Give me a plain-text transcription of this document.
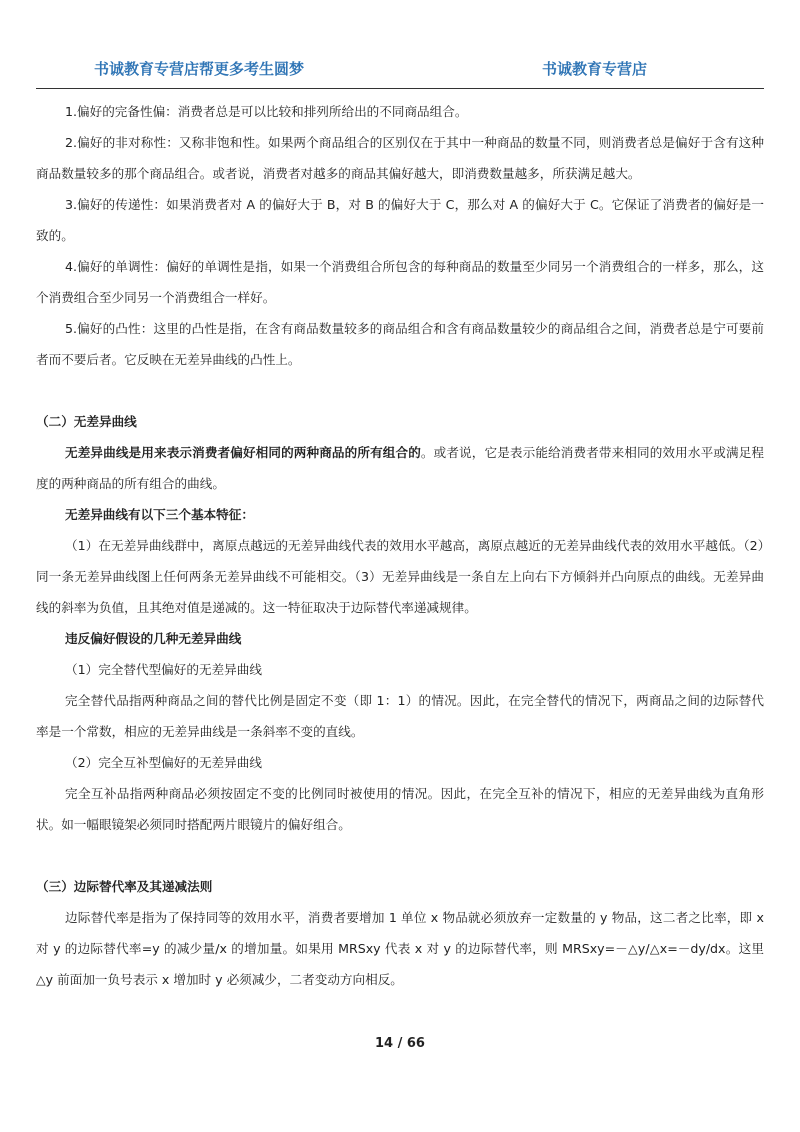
书诚教育专营店帮更多考生圆梦	书诚教育专营店

1.偏好的完备性偏：消费者总是可以比较和排列所给出的不同商品组合。

2.偏好的非对称性：又称非饱和性。如果两个商品组合的区别仅在于其中一种商品的数量不同，则消费者总是偏好于含有这种商品数量较多的那个商品组合。或者说，消费者对越多的商品其偏好越大，即消费数量越多，所获满足越大。

3.偏好的传递性：如果消费者对 A 的偏好大于 B，对 B 的偏好大于 C，那么对 A 的偏好大于 C。它保证了消费者的偏好是一致的。

4.偏好的单调性：偏好的单调性是指，如果一个消费组合所包含的每种商品的数量至少同另一个消费组合的一样多，那么，这个消费组合至少同另一个消费组合一样好。

5.偏好的凸性：这里的凸性是指，在含有商品数量较多的商品组合和含有商品数量较少的商品组合之间，消费者总是宁可要前者而不要后者。它反映在无差异曲线的凸性上。

（二）无差异曲线

无差异曲线是用来表示消费者偏好相同的两种商品的所有组合的。或者说，它是表示能给消费者带来相同的效用水平或满足程度的两种商品的所有组合的曲线。

无差异曲线有以下三个基本特征：

（1）在无差异曲线群中，离原点越远的无差异曲线代表的效用水平越高，离原点越近的无差异曲线代表的效用水平越低。（2）同一条无差异曲线图上任何两条无差异曲线不可能相交。（3）无差异曲线是一条自左上向右下方倾斜并凸向原点的曲线。无差异曲线的斜率为负值，且其绝对值是递减的。这一特征取决于边际替代率递减规律。

违反偏好假设的几种无差异曲线

（1）完全替代型偏好的无差异曲线

完全替代品指两种商品之间的替代比例是固定不变（即 1：1）的情况。因此，在完全替代的情况下，两商品之间的边际替代率是一个常数，相应的无差异曲线是一条斜率不变的直线。

（2）完全互补型偏好的无差异曲线

完全互补品指两种商品必须按固定不变的比例同时被使用的情况。因此，在完全互补的情况下，相应的无差异曲线为直角形状。如一幅眼镜架必须同时搭配两片眼镜片的偏好组合。

（三）边际替代率及其递减法则

边际替代率是指为了保持同等的效用水平，消费者要增加 1 单位 x 物品就必须放弃一定数量的 y 物品，这二者之比率，即 x 对 y 的边际替代率=y 的减少量/x 的增加量。如果用 MRSxy 代表 x 对 y 的边际替代率，则 MRSxy=－△y/△x=－dy/dx。这里△y 前面加一负号表示 x 增加时 y 必须减少，二者变动方向相反。

14 / 66
